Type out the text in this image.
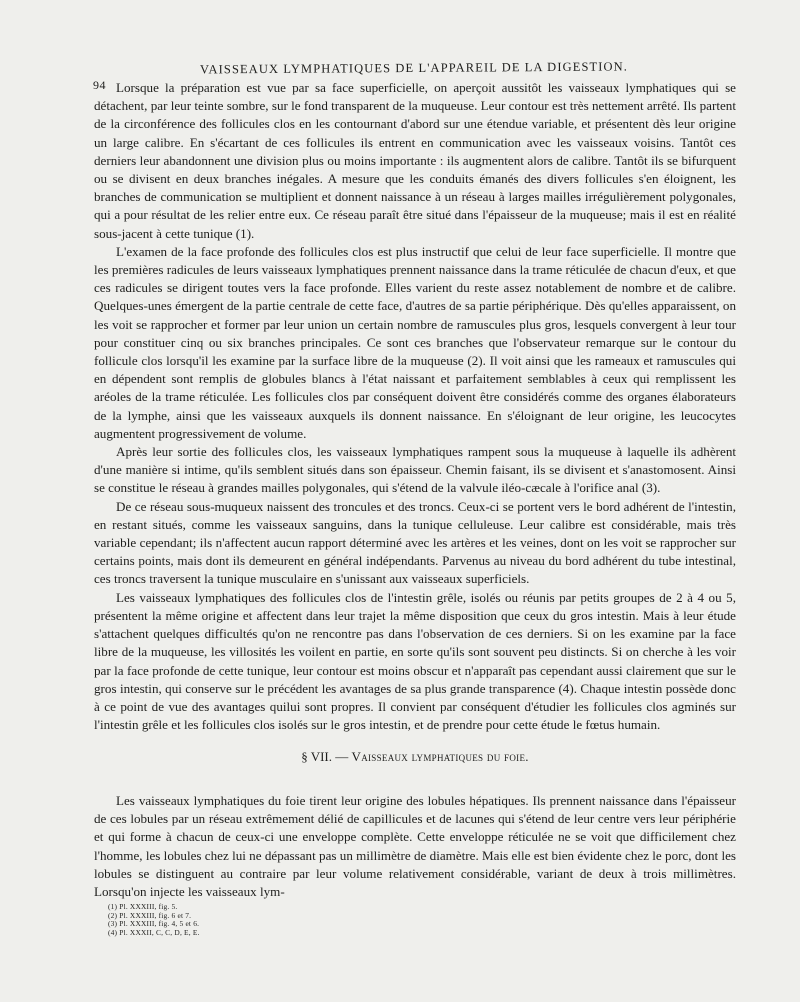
94
VAISSEAUX LYMPHATIQUES DE L'APPAREIL DE LA DIGESTION.

Lorsque la préparation est vue par sa face superficielle, on aperçoit aussitôt les vaisseaux lymphatiques qui se détachent, par leur teinte sombre, sur le fond transparent de la muqueuse. Leur contour est très nettement arrêté. Ils partent de la circonférence des follicules clos en les contournant d'abord sur une étendue variable, et présentent dès leur origine un large calibre. En s'écartant de ces follicules ils entrent en communication avec les vaisseaux voisins. Tantôt ces derniers leur abandonnent une division plus ou moins importante : ils augmentent alors de calibre. Tantôt ils se bifurquent ou se divisent en deux branches inégales. A mesure que les conduits émanés des divers follicules s'en éloignent, les branches de communication se multiplient et donnent naissance à un réseau à larges mailles irrégulièrement polygonales, qui a pour résultat de les relier entre eux. Ce réseau paraît être situé dans l'épaisseur de la muqueuse; mais il est en réalité sous-jacent à cette tunique (1).

L'examen de la face profonde des follicules clos est plus instructif que celui de leur face superficielle. Il montre que les premières radicules de leurs vaisseaux lymphatiques prennent naissance dans la trame réticulée de chacun d'eux, et que ces radicules se dirigent toutes vers la face profonde. Elles varient du reste assez notablement de nombre et de calibre. Quelques-unes émergent de la partie centrale de cette face, d'autres de sa partie périphérique. Dès qu'elles apparaissent, on les voit se rapprocher et former par leur union un certain nombre de ramuscules plus gros, lesquels convergent à leur tour pour constituer cinq ou six branches principales. Ce sont ces branches que l'observateur remarque sur le contour du follicule clos lorsqu'il les examine par la surface libre de la muqueuse (2). Il voit ainsi que les rameaux et ramuscules qui en dépendent sont remplis de globules blancs à l'état naissant et parfaitement semblables à ceux qui remplissent les aréoles de la trame réticulée. Les follicules clos par conséquent doivent être considérés comme des organes élaborateurs de la lymphe, ainsi que les vaisseaux auxquels ils donnent naissance. En s'éloignant de leur origine, les leucocytes augmentent progressivement de volume.

Après leur sortie des follicules clos, les vaisseaux lymphatiques rampent sous la muqueuse à laquelle ils adhèrent d'une manière si intime, qu'ils semblent situés dans son épaisseur. Chemin faisant, ils se divisent et s'anastomosent. Ainsi se constitue le réseau à grandes mailles polygonales, qui s'étend de la valvule iléo-cæcale à l'orifice anal (3).

De ce réseau sous-muqueux naissent des troncules et des troncs. Ceux-ci se portent vers le bord adhérent de l'intestin, en restant situés, comme les vaisseaux sanguins, dans la tunique celluleuse. Leur calibre est considérable, mais très variable cependant; ils n'affectent aucun rapport déterminé avec les artères et les veines, dont on les voit se rapprocher sur certains points, mais dont ils demeurent en général indépendants. Parvenus au niveau du bord adhérent du tube intestinal, ces troncs traversent la tunique musculaire en s'unissant aux vaisseaux superficiels.

Les vaisseaux lymphatiques des follicules clos de l'intestin grêle, isolés ou réunis par petits groupes de 2 à 4 ou 5, présentent la même origine et affectent dans leur trajet la même disposition que ceux du gros intestin. Mais à leur étude s'attachent quelques difficultés qu'on ne rencontre pas dans l'observation de ces derniers. Si on les examine par la face libre de la muqueuse, les villosités les voilent en partie, en sorte qu'ils sont souvent peu distincts. Si on cherche à les voir par la face profonde de cette tunique, leur contour est moins obscur et n'apparaît pas cependant aussi clairement que sur le gros intestin, qui conserve sur le précédent les avantages de sa plus grande transparence (4). Chaque intestin possède donc à ce point de vue des avantages quilui sont propres. Il convient par conséquent d'étudier les follicules clos agminés sur l'intestin grêle et les follicules clos isolés sur le gros intestin, et de prendre pour cette étude le fœtus humain.

§ VII. — Vaisseaux lymphatiques du foie.

Les vaisseaux lymphatiques du foie tirent leur origine des lobules hépatiques. Ils prennent naissance dans l'épaisseur de ces lobules par un réseau extrêmement délié de capillicules et de lacunes qui s'étend de leur centre vers leur périphérie et qui forme à chacun de ceux-ci une enveloppe complète. Cette enveloppe réticulée ne se voit que difficilement chez l'homme, les lobules chez lui ne dépassant pas un millimètre de diamètre. Mais elle est bien évidente chez le porc, dont les lobules se distinguent au contraire par leur volume relativement considérable, variant de deux à trois millimètres. Lorsqu'on injecte les vaisseaux lym-

(1) Pl. XXXIII, fig. 5.
(2) Pl. XXXIII, fig. 6 et 7.
(3) Pl. XXXIII, fig. 4, 5 et 6.
(4) Pl. XXXII, C, C, D, E, E.
